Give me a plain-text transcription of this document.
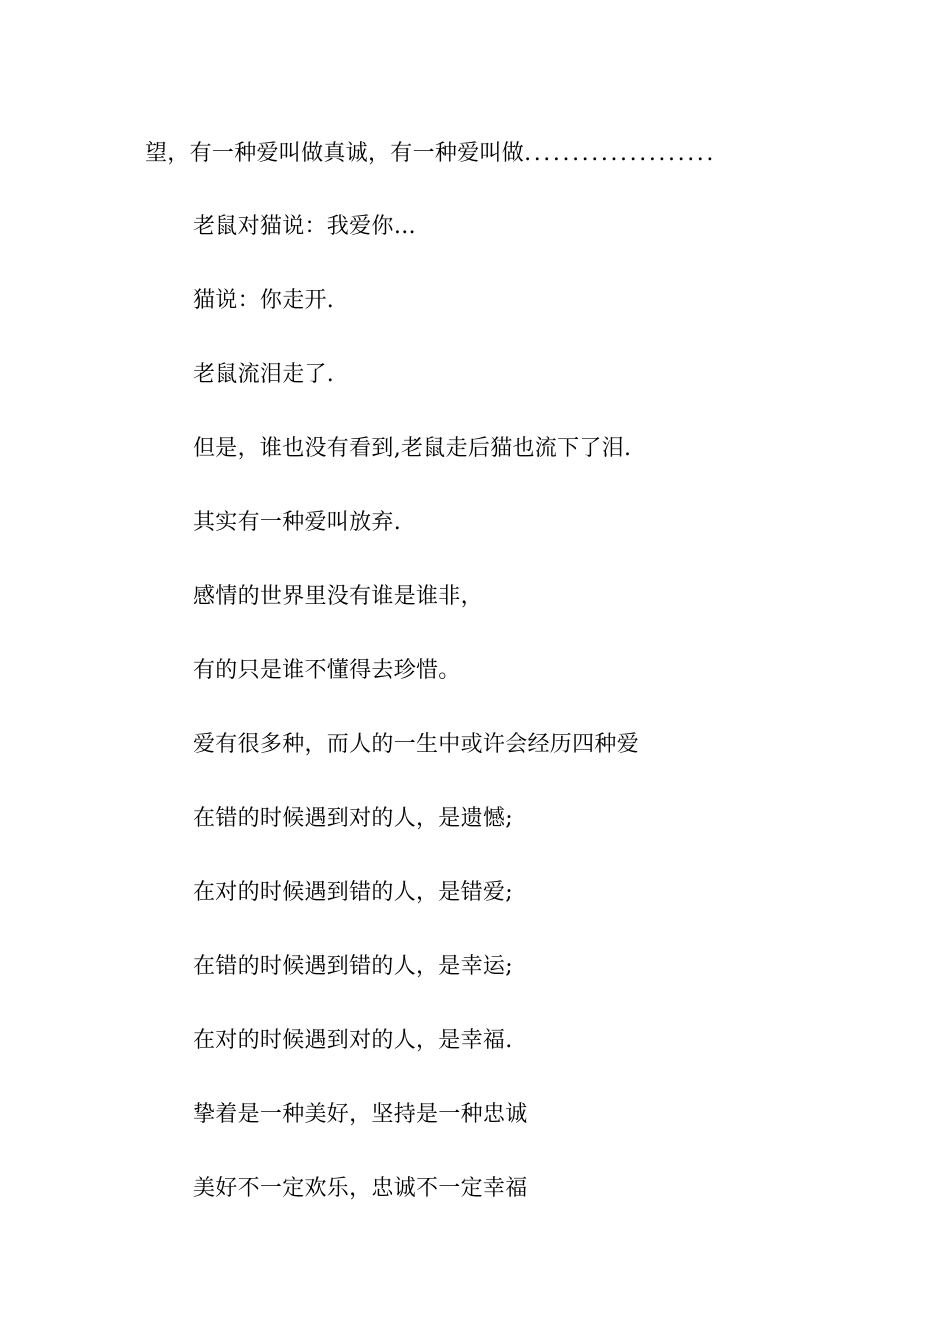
望，有一种爱叫做真诚，有一种爱叫做....................
老鼠对猫说：我爱你…
猫说：你走开.
老鼠流泪走了.
但是，谁也没有看到,老鼠走后猫也流下了泪.
其实有一种爱叫放弃.
感情的世界里没有谁是谁非，
有的只是谁不懂得去珍惜。
爱有很多种，而人的一生中或许会经历四种爱
在错的时候遇到对的人，是遗憾;
在对的时候遇到错的人，是错爱;
在错的时候遇到错的人，是幸运;
在对的时候遇到对的人，是幸福.
挚着是一种美好，坚持是一种忠诚
美好不一定欢乐，忠诚不一定幸福
